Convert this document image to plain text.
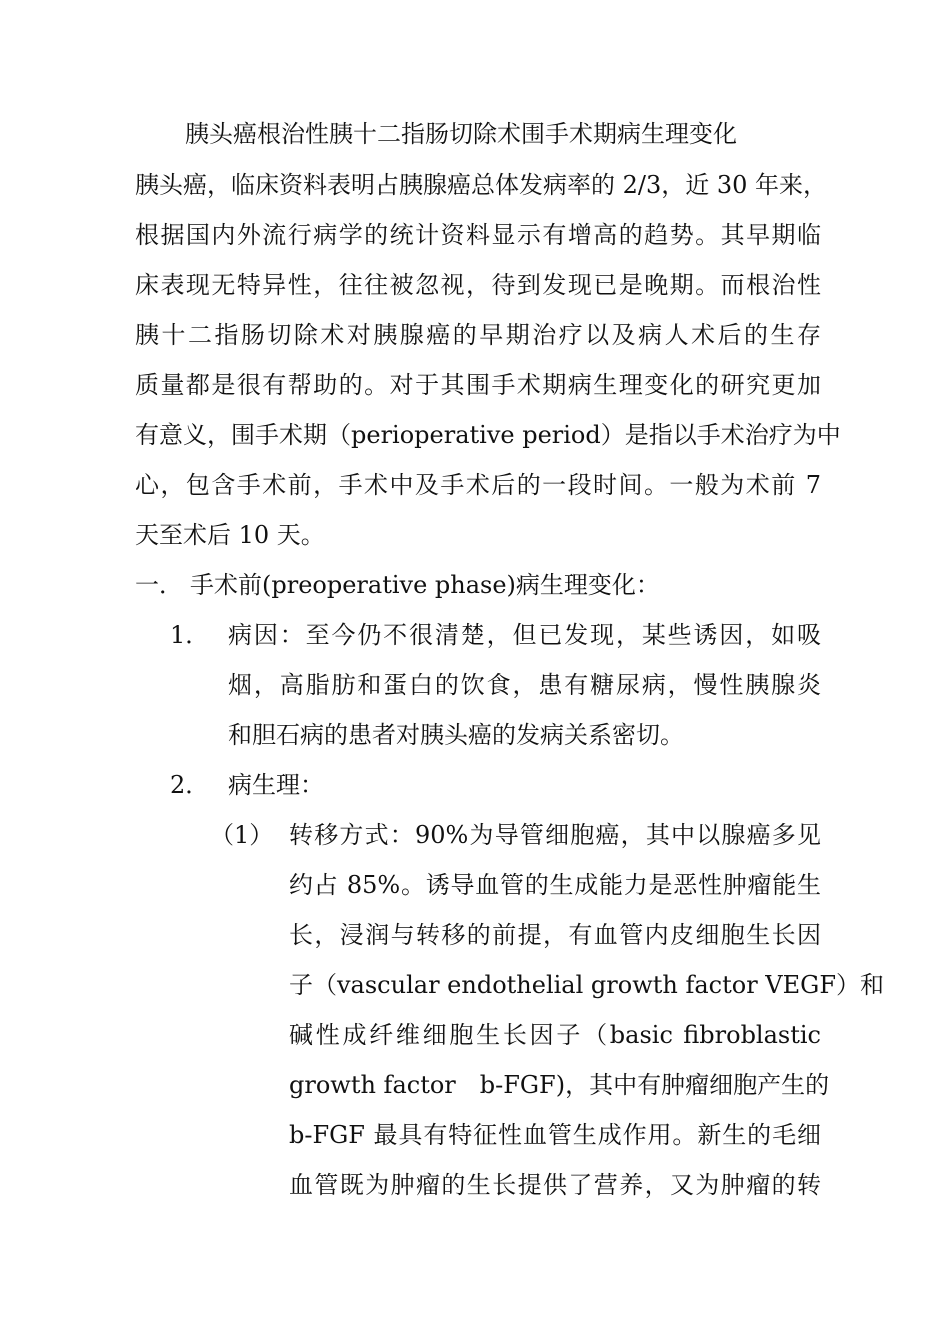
胰头癌根治性胰十二指肠切除术围手术期病生理变化
胰头癌，临床资料表明占胰腺癌总体发病率的 2/3，近 30 年来，
根据国内外流行病学的统计资料显示有增高的趋势。其早期临
床表现无特异性，往往被忽视，待到发现已是晚期。而根治性
胰十二指肠切除术对胰腺癌的早期治疗以及病人术后的生存
质量都是很有帮助的。对于其围手术期病生理变化的研究更加
有意义，围手术期（perioperative period）是指以手术治疗为中
心，包含手术前，手术中及手术后的一段时间。一般为术前 7
天至术后 10 天。
一． 手术前(preoperative phase)病生理变化：
1． 病因：至今仍不很清楚，但已发现，某些诱因，如吸
烟，高脂肪和蛋白的饮食，患有糖尿病，慢性胰腺炎
和胆石病的患者对胰头癌的发病关系密切。
2． 病生理：
（1） 转移方式：90%为导管细胞癌，其中以腺癌多见
约占 85%。诱导血管的生成能力是恶性肿瘤能生
长，浸润与转移的前提，有血管内皮细胞生长因
子（vascular endothelial growth factor VEGF）和
碱性成纤维细胞生长因子（basic fibroblastic
growth factor　b-FGF)，其中有肿瘤细胞产生的
b-FGF 最具有特征性血管生成作用。新生的毛细
血管既为肿瘤的生长提供了营养，又为肿瘤的转
